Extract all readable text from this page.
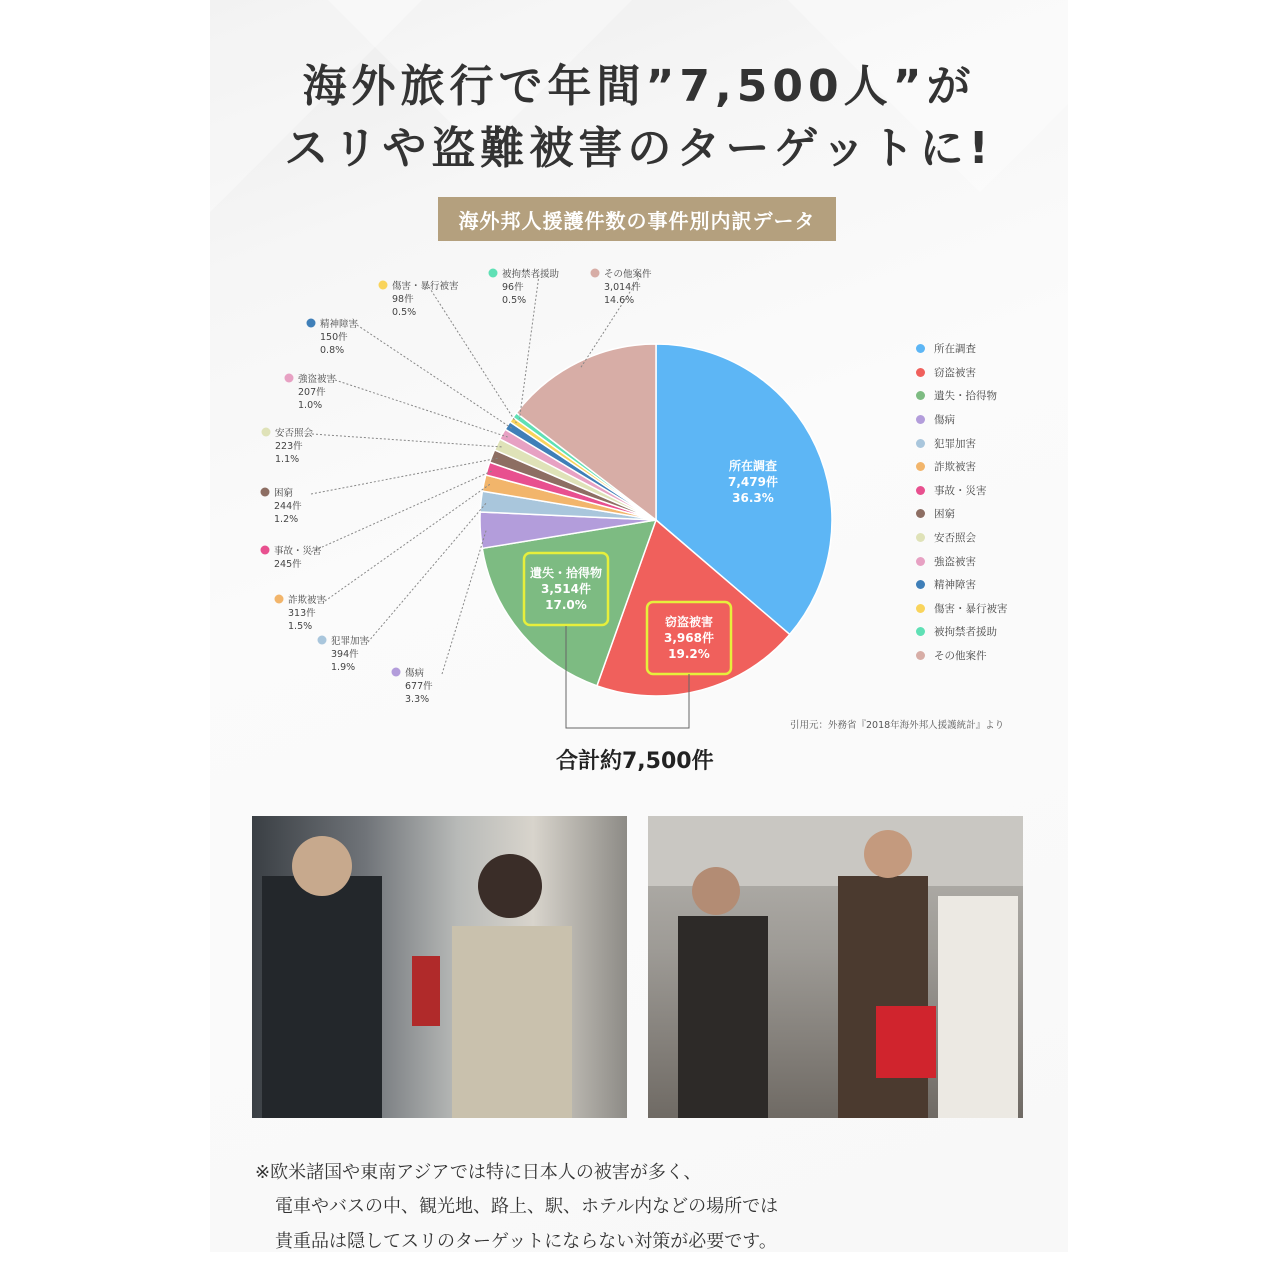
海外旅行で年間”7,500人”が
スリや盗難被害のターゲットに!
海外邦人援護件数の事件別内訳データ
所在調査
7,479件
36.3%
窃盗被害
3,968件
19.2%
遺失・拾得物
3,514件
17.0%
傷病
677件
3.3%
犯罪加害
394件
1.9%
詐欺被害
313件
1.5%
事故・災害
245件
困窮
244件
1.2%
安否照会
223件
1.1%
強盗被害
207件
1.0%
精神障害
150件
0.8%
傷害・暴行被害
98件
0.5%
被拘禁者援助
96件
0.5%
その他案件
3,014件
14.6%
所在調査
窃盗被害
遺失・拾得物
傷病
犯罪加害
詐欺被害
事故・災害
困窮
安否照会
強盗被害
精神障害
傷害・暴行被害
被拘禁者援助
その他案件
引用元：外務省『2018年海外邦人援護統計』より
合計約7,500件
※欧米諸国や東南アジアでは特に日本人の被害が多く、
電車やバスの中、観光地、路上、駅、ホテル内などの場所では
貴重品は隠してスリのターゲットにならない対策が必要です。
